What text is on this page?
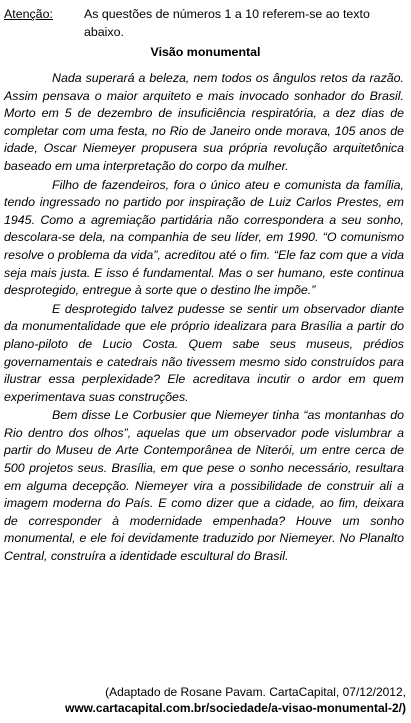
Atenção:	As questões de números 1 a 10 referem-se ao texto abaixo.
Visão monumental

Nada superará a beleza, nem todos os ângulos retos da razão. Assim pensava o maior arquiteto e mais invocado sonhador do Brasil. Morto em 5 de dezembro de insuficiência respiratória, a dez dias de completar com uma festa, no Rio de Janeiro onde morava, 105 anos de idade, Oscar Niemeyer propusera sua própria revolução arquitetônica baseado em uma interpretação do corpo da mulher.

Filho de fazendeiros, fora o único ateu e comunista da família, tendo ingressado no partido por inspiração de Luiz Carlos Prestes, em 1945. Como a agremiação partidária não correspondera a seu sonho, descolara-se dela, na companhia de seu líder, em 1990. “O comunismo resolve o problema da vida”, acreditou até o fim. “Ele faz com que a vida seja mais justa. E isso é fundamental. Mas o ser humano, este continua desprotegido, entregue à sorte que o destino lhe impõe.”

E desprotegido talvez pudesse se sentir um observador diante da monumentalidade que ele próprio idealizara para Brasília a partir do plano-piloto de Lucio Costa. Quem sabe seus museus, prédios governamentais e catedrais não tivessem mesmo sido construídos para ilustrar essa perplexidade? Ele acreditava incutir o ardor em quem experimentava suas construções.

Bem disse Le Corbusier que Niemeyer tinha “as montanhas do Rio dentro dos olhos”, aquelas que um observador pode vislumbrar a partir do Museu de Arte Contemporânea de Niterói, um entre cerca de 500 projetos seus. Brasília, em que pese o sonho necessário, resultara em alguma decepção. Niemeyer vira a possibilidade de construir ali a imagem moderna do País. E como dizer que a cidade, ao fim, deixara de corresponder à modernidade empenhada? Houve um sonho monumental, e ele foi devidamente traduzido por Niemeyer. No Planalto Central, construíra a identidade escultural do Brasil.

(Adaptado de Rosane Pavam. CartaCapital, 07/12/2012,
www.cartacapital.com.br/sociedade/a-visao-monumental-2/)
